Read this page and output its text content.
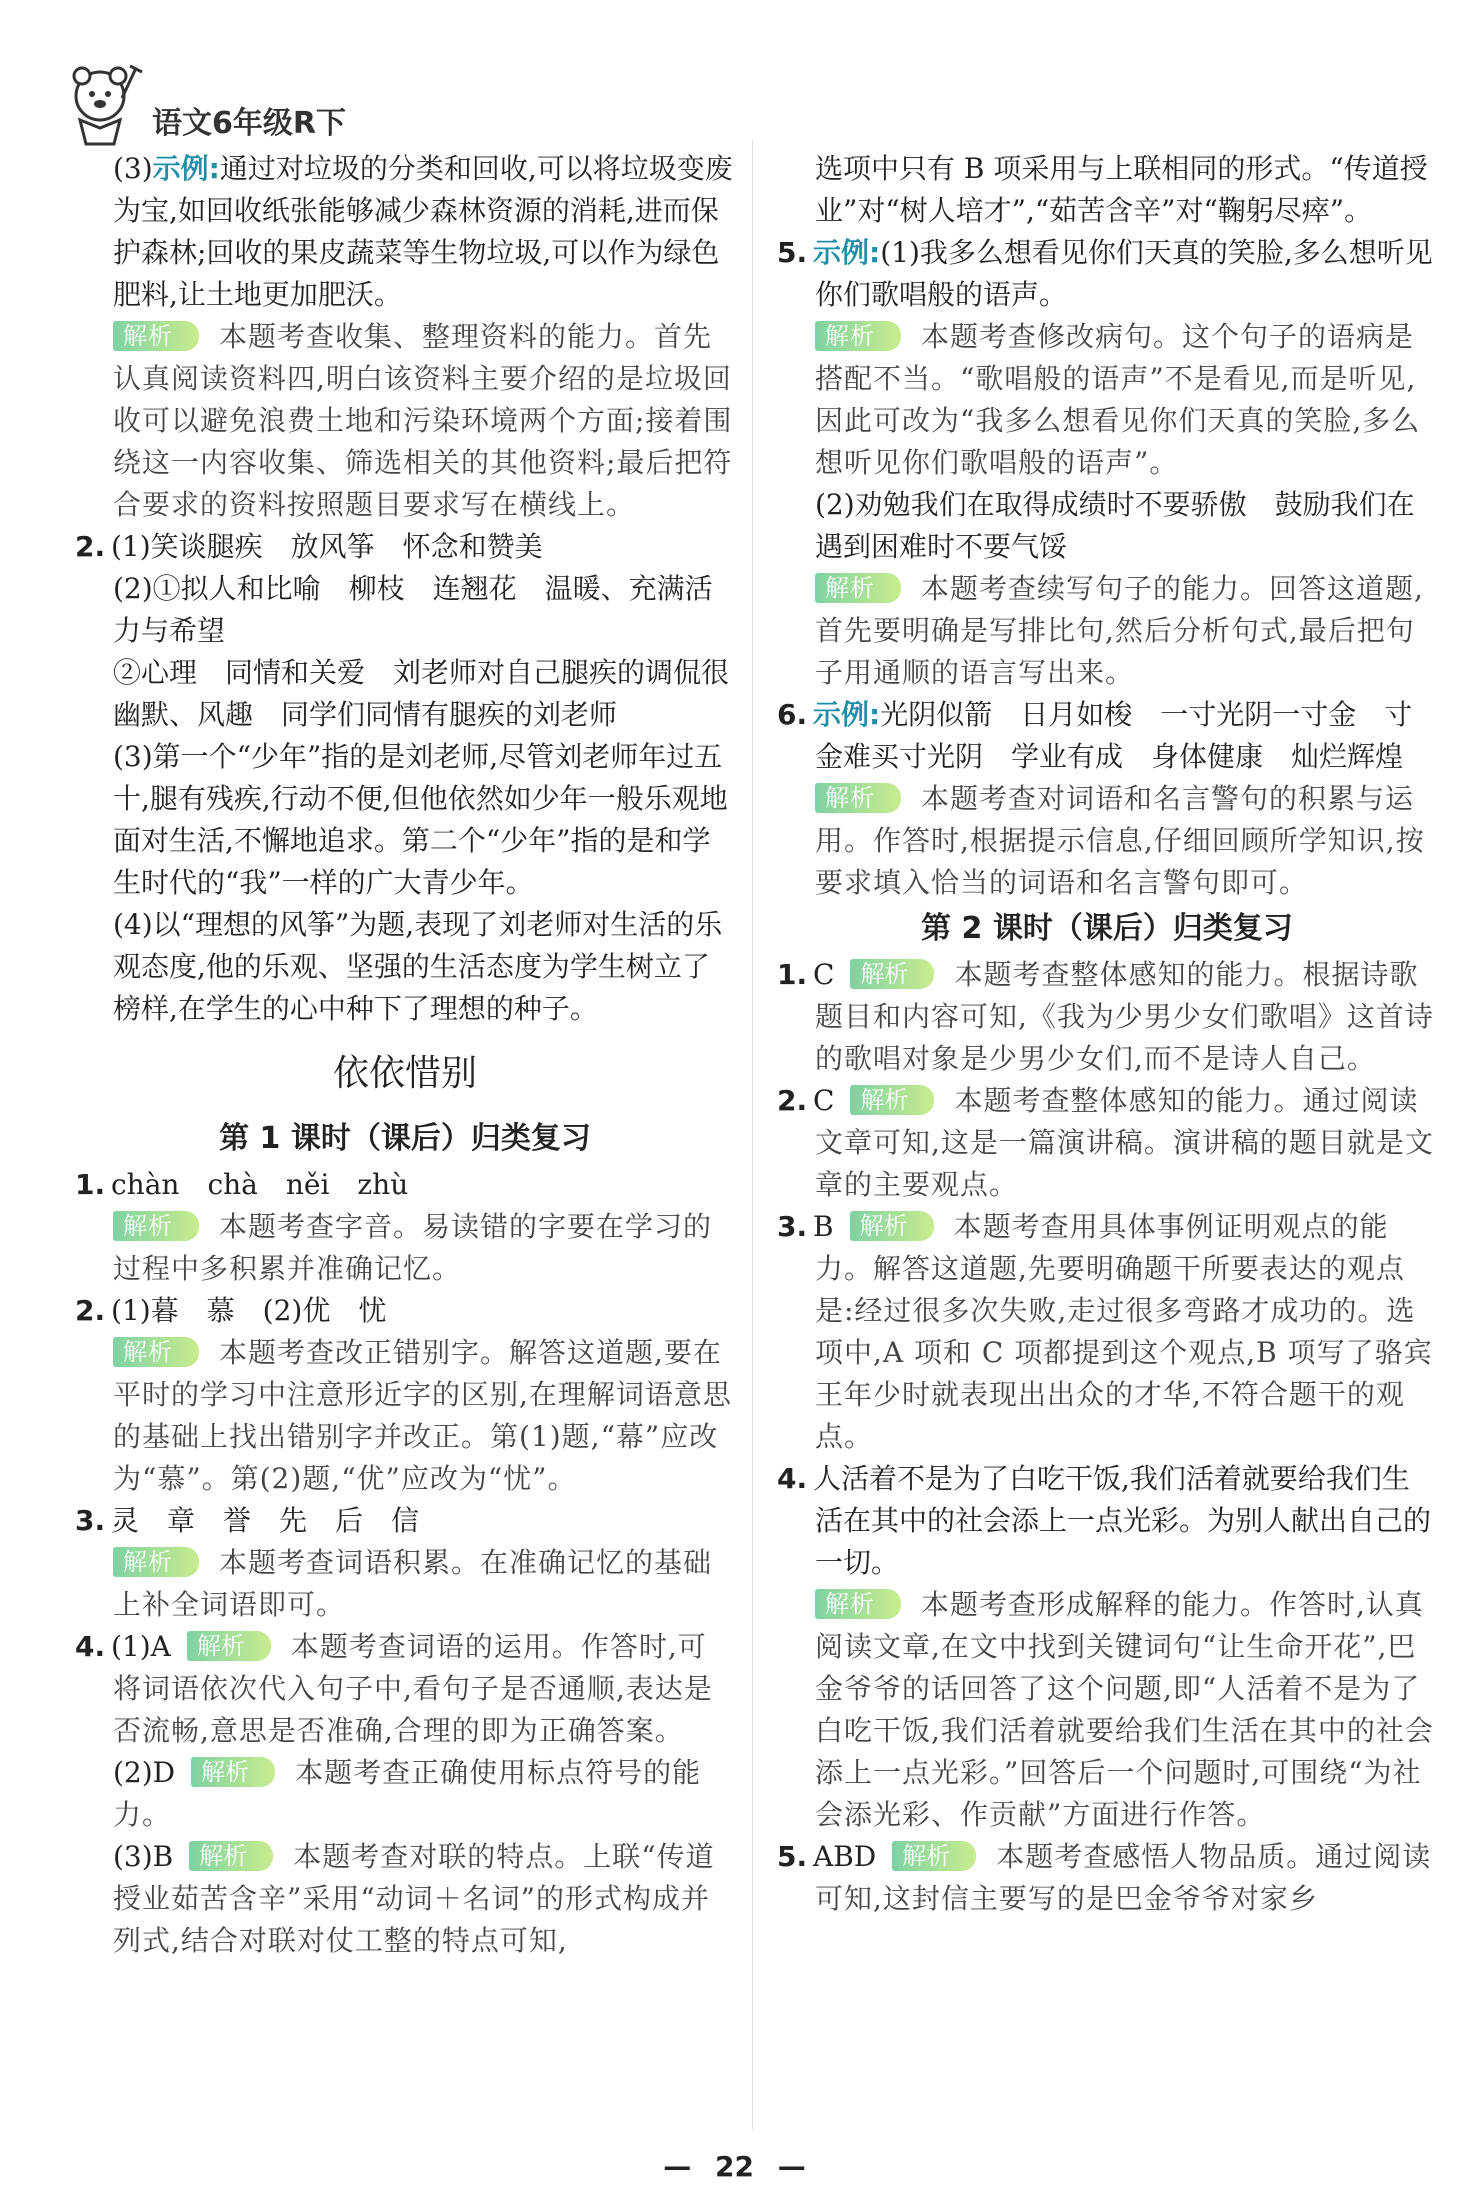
语文6年级R下

(3)示例:通过对垃圾的分类和回收,可以将垃圾变废为宝,如回收纸张能够减少森林资源的消耗,进而保护森林;回收的果皮蔬菜等生物垃圾,可以作为绿色肥料,让土地更加肥沃。

解析 本题考查收集、整理资料的能力。首先认真阅读资料四,明白该资料主要介绍的是垃圾回收可以避免浪费土地和污染环境两个方面;接着围绕这一内容收集、筛选相关的其他资料;最后把符合要求的资料按照题目要求写在横线上。

2. (1)笑谈腿疾　放风筝　怀念和赞美

(2)①拟人和比喻　柳枝　连翘花　温暖、充满活力与希望

②心理　同情和关爱　刘老师对自己腿疾的调侃很幽默、风趣　同学们同情有腿疾的刘老师

(3)第一个“少年”指的是刘老师,尽管刘老师年过五十,腿有残疾,行动不便,但他依然如少年一般乐观地面对生活,不懈地追求。第二个“少年”指的是和学生时代的“我”一样的广大青少年。

(4)以“理想的风筝”为题,表现了刘老师对生活的乐观态度,他的乐观、坚强的生活态度为学生树立了榜样,在学生的心中种下了理想的种子。

依依惜别
第 1 课时（课后）归类复习

1. chàn　chà　něi　zhù

解析 本题考查字音。易读错的字要在学习的过程中多积累并准确记忆。

2. (1)暮　慕　(2)优　忧

解析 本题考查改正错别字。解答这道题,要在平时的学习中注意形近字的区别,在理解词语意思的基础上找出错别字并改正。第(1)题,“幕”应改为“慕”。第(2)题,“优”应改为“忧”。

3. 灵　章　誉　先　后　信

解析 本题考查词语积累。在准确记忆的基础上补全词语即可。

4. (1)A 解析 本题考查词语的运用。作答时,可将词语依次代入句子中,看句子是否通顺,表达是否流畅,意思是否准确,合理的即为正确答案。

(2)D 解析 本题考查正确使用标点符号的能力。

(3)B 解析 本题考查对联的特点。上联“传道授业茹苦含辛”采用“动词＋名词”的形式构成并列式,结合对联对仗工整的特点可知,

选项中只有 B 项采用与上联相同的形式。“传道授业”对“树人培才”,“茹苦含辛”对“鞠躬尽瘁”。

5. 示例:(1)我多么想看见你们天真的笑脸,多么想听见你们歌唱般的语声。

解析 本题考查修改病句。这个句子的语病是搭配不当。“歌唱般的语声”不是看见,而是听见,因此可改为“我多么想看见你们天真的笑脸,多么想听见你们歌唱般的语声”。

(2)劝勉我们在取得成绩时不要骄傲　鼓励我们在遇到困难时不要气馁

解析 本题考查续写句子的能力。回答这道题,首先要明确是写排比句,然后分析句式,最后把句子用通顺的语言写出来。

6. 示例:光阴似箭　日月如梭　一寸光阴一寸金　寸金难买寸光阴　学业有成　身体健康　灿烂辉煌

解析 本题考查对词语和名言警句的积累与运用。作答时,根据提示信息,仔细回顾所学知识,按要求填入恰当的词语和名言警句即可。

第 2 课时（课后）归类复习

1. C 解析 本题考查整体感知的能力。根据诗歌题目和内容可知,《我为少男少女们歌唱》这首诗的歌唱对象是少男少女们,而不是诗人自己。

2. C 解析 本题考查整体感知的能力。通过阅读文章可知,这是一篇演讲稿。演讲稿的题目就是文章的主要观点。

3. B 解析 本题考查用具体事例证明观点的能力。解答这道题,先要明确题干所要表达的观点是:经过很多次失败,走过很多弯路才成功的。选项中,A 项和 C 项都提到这个观点,B 项写了骆宾王年少时就表现出出众的才华,不符合题干的观点。

4. 人活着不是为了白吃干饭,我们活着就要给我们生活在其中的社会添上一点光彩。为别人献出自己的一切。

解析 本题考查形成解释的能力。作答时,认真阅读文章,在文中找到关键词句“让生命开花”,巴金爷爷的话回答了这个问题,即“人活着不是为了白吃干饭,我们活着就要给我们生活在其中的社会添上一点光彩。”回答后一个问题时,可围绕“为社会添光彩、作贡献”方面进行作答。

5. ABD 解析 本题考查感悟人物品质。通过阅读可知,这封信主要写的是巴金爷爷对家乡

— 22 —
